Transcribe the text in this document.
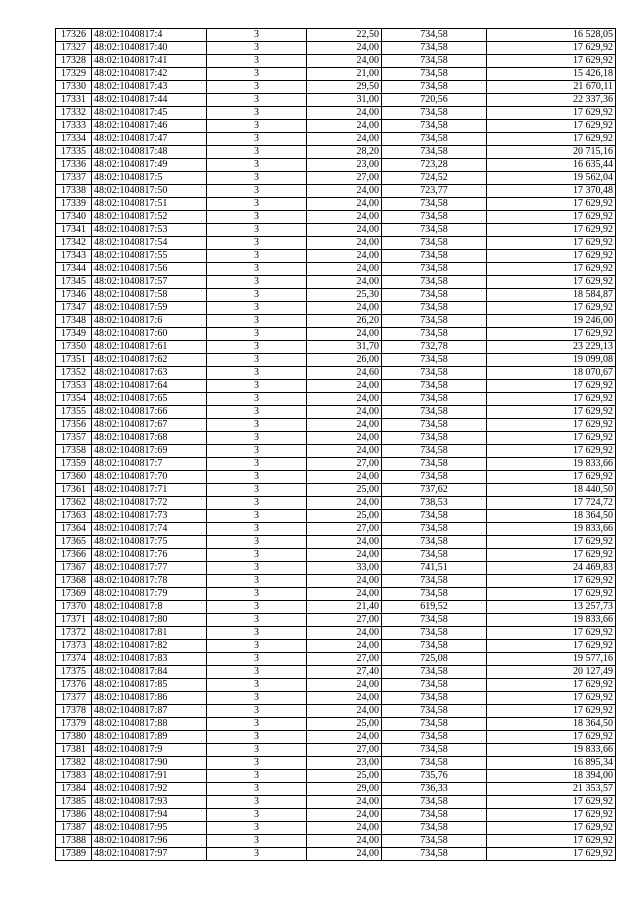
17326	48:02:1040817:4	3	22,50	734,58	16 528,05
17327	48:02:1040817:40	3	24,00	734,58	17 629,92
17328	48:02:1040817:41	3	24,00	734,58	17 629,92
17329	48:02:1040817:42	3	21,00	734,58	15 426,18
17330	48:02:1040817:43	3	29,50	734,58	21 670,11
17331	48:02:1040817:44	3	31,00	720,56	22 337,36
17332	48:02:1040817:45	3	24,00	734,58	17 629,92
17333	48:02:1040817:46	3	24,00	734,58	17 629,92
17334	48:02:1040817:47	3	24,00	734,58	17 629,92
17335	48:02:1040817:48	3	28,20	734,58	20 715,16
17336	48:02:1040817:49	3	23,00	723,28	16 635,44
17337	48:02:1040817:5	3	27,00	724,52	19 562,04
17338	48:02:1040817:50	3	24,00	723,77	17 370,48
17339	48:02:1040817:51	3	24,00	734,58	17 629,92
17340	48:02:1040817:52	3	24,00	734,58	17 629,92
17341	48:02:1040817:53	3	24,00	734,58	17 629,92
17342	48:02:1040817:54	3	24,00	734,58	17 629,92
17343	48:02:1040817:55	3	24,00	734,58	17 629,92
17344	48:02:1040817:56	3	24,00	734,58	17 629,92
17345	48:02:1040817:57	3	24,00	734,58	17 629,92
17346	48:02:1040817:58	3	25,30	734,58	18 584,87
17347	48:02:1040817:59	3	24,00	734,58	17 629,92
17348	48:02:1040817:6	3	26,20	734,58	19 246,00
17349	48:02:1040817:60	3	24,00	734,58	17 629,92
17350	48:02:1040817:61	3	31,70	732,78	23 229,13
17351	48:02:1040817:62	3	26,00	734,58	19 099,08
17352	48:02:1040817:63	3	24,60	734,58	18 070,67
17353	48:02:1040817:64	3	24,00	734,58	17 629,92
17354	48:02:1040817:65	3	24,00	734,58	17 629,92
17355	48:02:1040817:66	3	24,00	734,58	17 629,92
17356	48:02:1040817:67	3	24,00	734,58	17 629,92
17357	48:02:1040817:68	3	24,00	734,58	17 629,92
17358	48:02:1040817:69	3	24,00	734,58	17 629,92
17359	48:02:1040817:7	3	27,00	734,58	19 833,66
17360	48:02:1040817:70	3	24,00	734,58	17 629,92
17361	48:02:1040817:71	3	25,00	737,62	18 440,50
17362	48:02:1040817:72	3	24,00	738,53	17 724,72
17363	48:02:1040817:73	3	25,00	734,58	18 364,50
17364	48:02:1040817:74	3	27,00	734,58	19 833,66
17365	48:02:1040817:75	3	24,00	734,58	17 629,92
17366	48:02:1040817:76	3	24,00	734,58	17 629,92
17367	48:02:1040817:77	3	33,00	741,51	24 469,83
17368	48:02:1040817:78	3	24,00	734,58	17 629,92
17369	48:02:1040817:79	3	24,00	734,58	17 629,92
17370	48:02:1040817:8	3	21,40	619,52	13 257,73
17371	48:02:1040817:80	3	27,00	734,58	19 833,66
17372	48:02:1040817:81	3	24,00	734,58	17 629,92
17373	48:02:1040817:82	3	24,00	734,58	17 629,92
17374	48:02:1040817:83	3	27,00	725,08	19 577,16
17375	48:02:1040817:84	3	27,40	734,58	20 127,49
17376	48:02:1040817:85	3	24,00	734,58	17 629,92
17377	48:02:1040817:86	3	24,00	734,58	17 629,92
17378	48:02:1040817:87	3	24,00	734,58	17 629,92
17379	48:02:1040817:88	3	25,00	734,58	18 364,50
17380	48:02:1040817:89	3	24,00	734,58	17 629,92
17381	48:02:1040817:9	3	27,00	734,58	19 833,66
17382	48:02:1040817:90	3	23,00	734,58	16 895,34
17383	48:02:1040817:91	3	25,00	735,76	18 394,00
17384	48:02:1040817:92	3	29,00	736,33	21 353,57
17385	48:02:1040817:93	3	24,00	734,58	17 629,92
17386	48:02:1040817:94	3	24,00	734,58	17 629,92
17387	48:02:1040817:95	3	24,00	734,58	17 629,92
17388	48:02:1040817:96	3	24,00	734,58	17 629,92
17389	48:02:1040817:97	3	24,00	734,58	17 629,92
